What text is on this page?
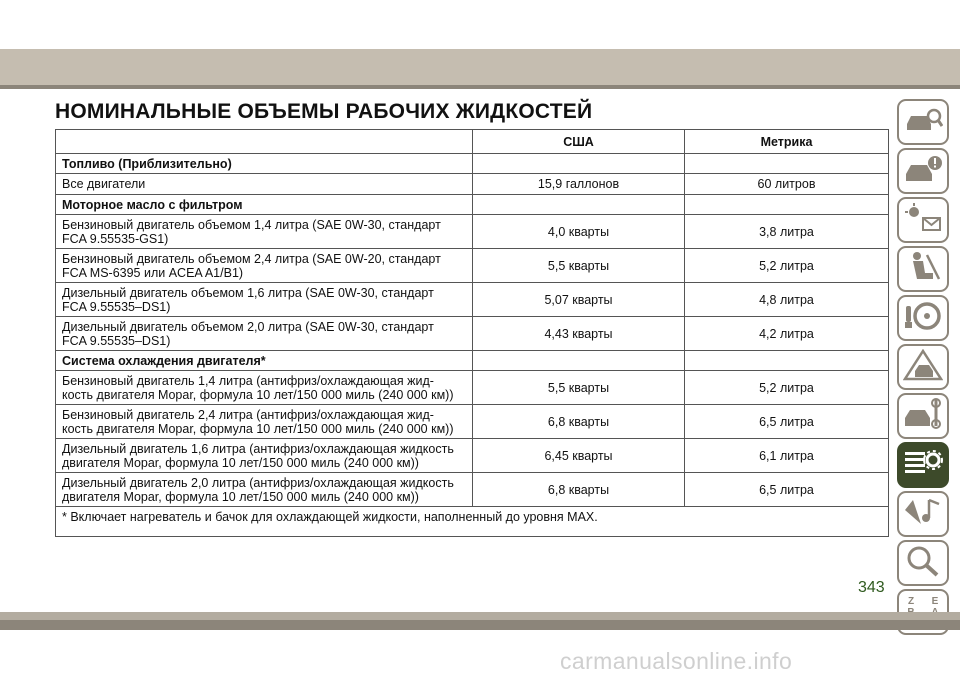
НОМИНАЛЬНЫЕ ОБЪЕМЫ РАБОЧИХ ЖИДКОСТЕЙ
	США	Метрика
Топливо (Приблизительно)		

Все двигатели	15,9 галлонов	60 литров
Моторное масло с фильтром		

Бензиновый двигатель объемом 1,4 литра (SAE 0W-30, стандарт
FCA 9.55535-GS1)	4,0 кварты	3,8 литра

Бензиновый двигатель объемом 2,4 литра (SAE 0W-20, стандарт
FCA MS-6395 или ACEA A1/B1)	5,5 кварты	5,2 литра

Дизельный двигатель объемом 1,6 литра (SAE 0W-30, стандарт
FCA 9.55535–DS1)	5,07 кварты	4,8 литра

Дизельный двигатель объемом 2,0 литра (SAE 0W-30, стандарт
FCA 9.55535–DS1)	4,43 кварты	4,2 литра
Система охлаждения двигателя*		

Бензиновый двигатель 1,4 литра (антифриз/охлаждающая жид-
кость двигателя Mopar, формула 10 лет/150 000 миль (240 000 км))	5,5 кварты	5,2 литра

Бензиновый двигатель 2,4 литра (антифриз/охлаждающая жид-
кость двигателя Mopar, формула 10 лет/150 000 миль (240 000 км))	6,8 кварты	6,5 литра

Дизельный двигатель 1,6 литра (антифриз/охлаждающая жидкость
двигателя Mopar, формула 10 лет/150 000 миль (240 000 км))	6,45 кварты	6,1 литра

Дизельный двигатель 2,0 литра (антифриз/охлаждающая жидкость
двигателя Mopar, формула 10 лет/150 000 миль (240 000 км))	6,8 кварты	6,5 литра
* Включает нагреватель и бачок для охлаждающей жидкости, наполненный до уровня MAX.		
Z E
343
carmanualsonline.info
